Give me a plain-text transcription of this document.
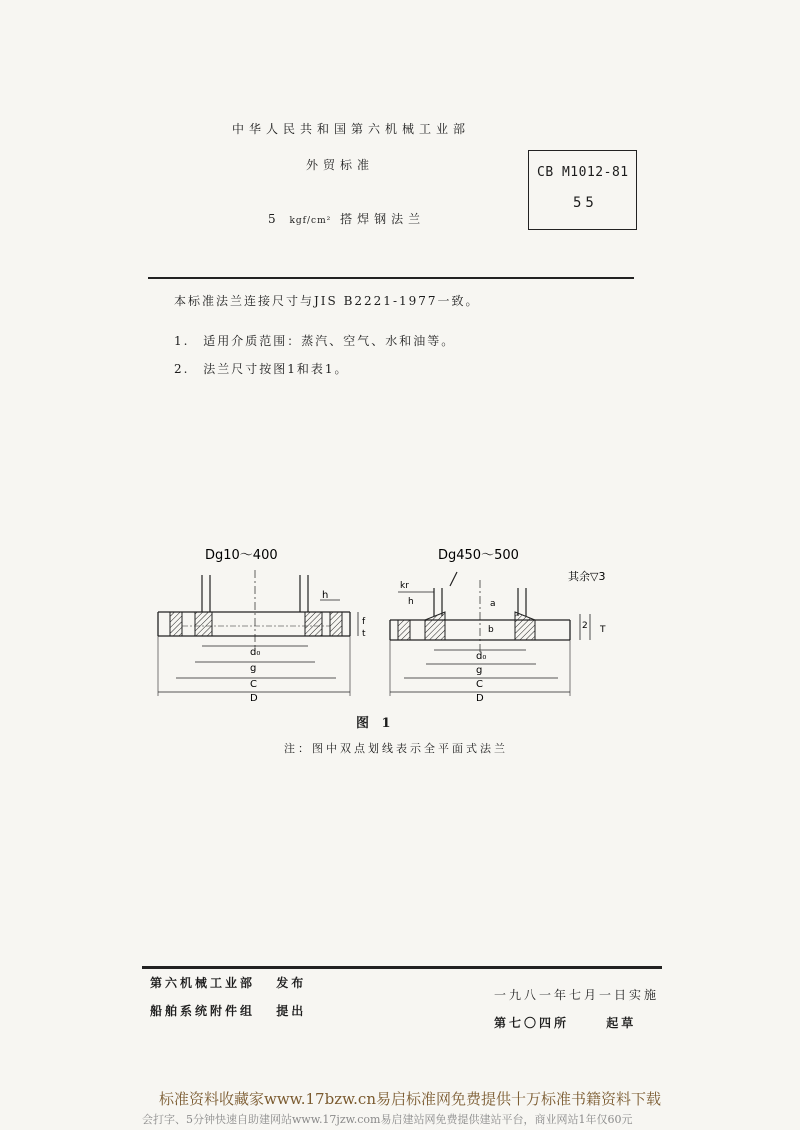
中华人民共和国第六机械工业部
外贸标准
5 kgf/cm² 搭焊钢法兰
CB M1012-81
55
本标准法兰连接尺寸与JIS B2221-1977一致。
1. 适用介质范围：蒸汽、空气、水和油等。
2. 法兰尺寸按图1和表1。
Dg10～400	Dg450～500
其余▽3
h
f
t
d₀
g
C
D
kr
h	a
b	2 T
d₀
g
C
D
图 1
注：图中双点划线表示全平面式法兰
第六机械工业部 发布
船舶系统附件组 提出
一九八一年七月一日实施
第七〇四所	起草
标准资料收藏家www.17bzw.cn易启标准网免费提供十万标准书籍资料下载
会打字、5分钟快速自助建网站www.17jzw.com易启建站网免费提供建站平台，商业网站1年仅60元
